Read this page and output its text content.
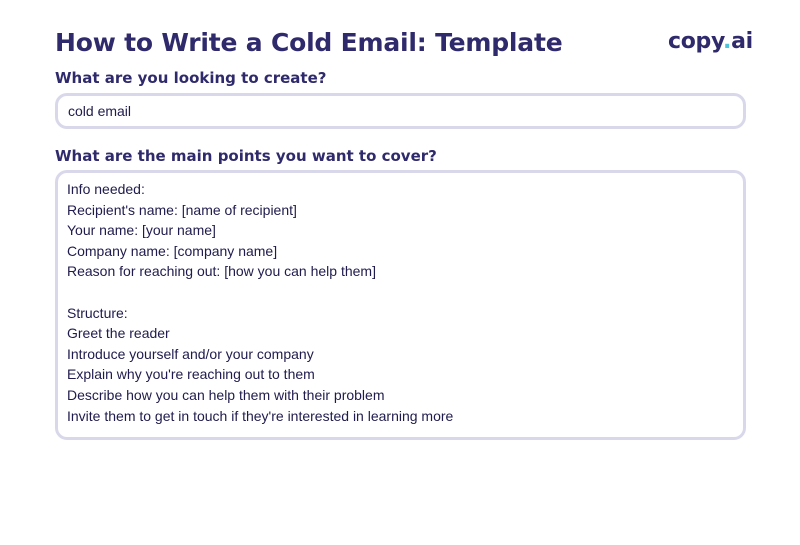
How to Write a Cold Email: Template	copy.ai

What are you looking to create?

cold email

What are the main points you want to cover?

Info needed:
Recipient's name: [name of recipient]
Your name: [your name]
Company name: [company name]
Reason for reaching out: [how you can help them]
Structure:
Greet the reader
Introduce yourself and/or your company
Explain why you're reaching out to them
Describe how you can help them with their problem
Invite them to get in touch if they're interested in learning more
